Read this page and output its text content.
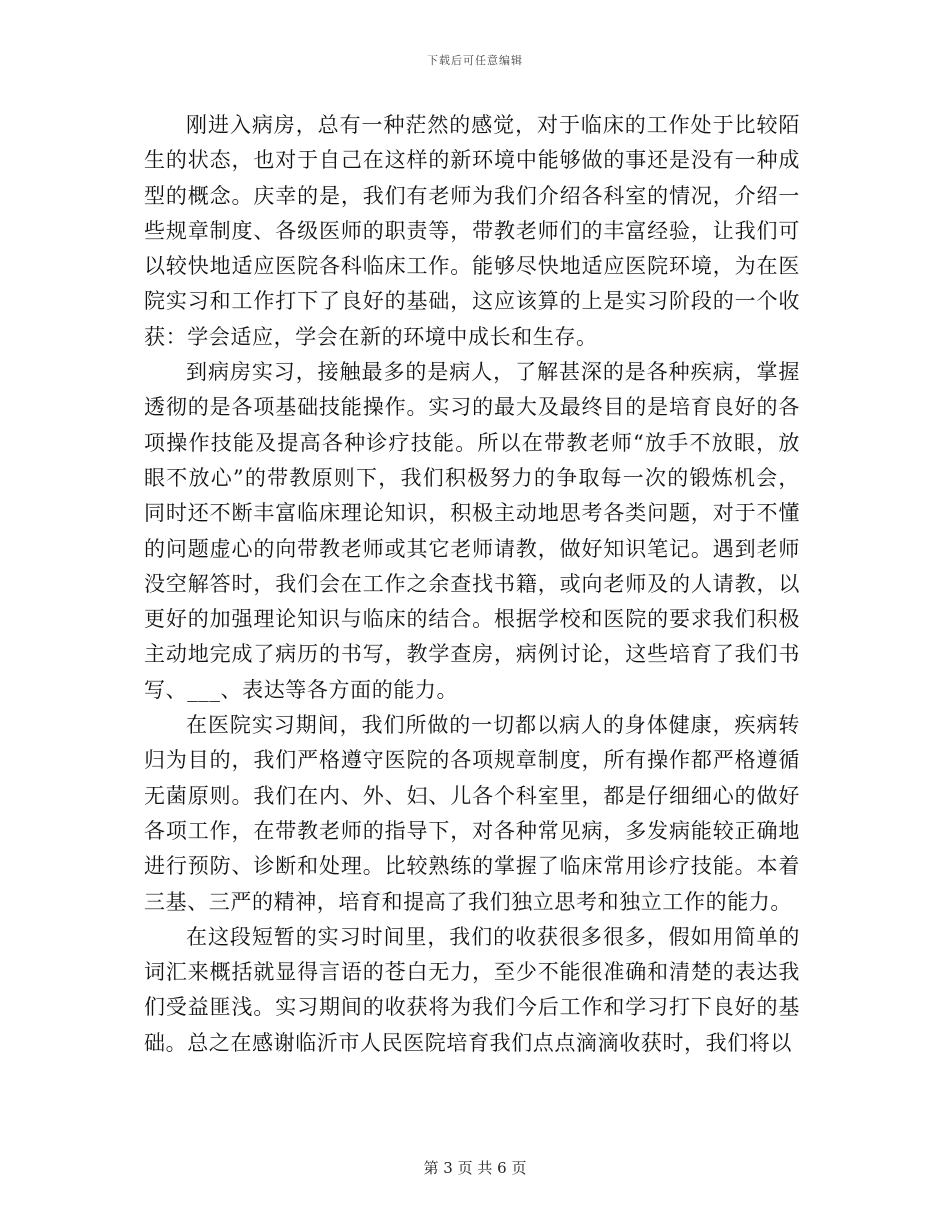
下载后可任意编辑

刚进入病房，总有一种茫然的感觉，对于临床的工作处于比较陌生的状态，也对于自己在这样的新环境中能够做的事还是没有一种成型的概念。庆幸的是，我们有老师为我们介绍各科室的情况，介绍一些规章制度、各级医师的职责等，带教老师们的丰富经验，让我们可以较快地适应医院各科临床工作。能够尽快地适应医院环境，为在医院实习和工作打下了良好的基础，这应该算的上是实习阶段的一个收获：学会适应，学会在新的环境中成长和生存。

到病房实习，接触最多的是病人，了解甚深的是各种疾病，掌握透彻的是各项基础技能操作。实习的最大及最终目的是培育良好的各项操作技能及提高各种诊疗技能。所以在带教老师“放手不放眼，放眼不放心”的带教原则下，我们积极努力的争取每一次的锻炼机会，同时还不断丰富临床理论知识，积极主动地思考各类问题，对于不懂的问题虚心的向带教老师或其它老师请教，做好知识笔记。遇到老师没空解答时，我们会在工作之余查找书籍，或向老师及的人请教，以更好的加强理论知识与临床的结合。根据学校和医院的要求我们积极主动地完成了病历的书写，教学查房，病例讨论，这些培育了我们书写、___、表达等各方面的能力。

在医院实习期间，我们所做的一切都以病人的身体健康，疾病转归为目的，我们严格遵守医院的各项规章制度，所有操作都严格遵循无菌原则。我们在内、外、妇、儿各个科室里，都是仔细细心的做好各项工作，在带教老师的指导下，对各种常见病，多发病能较正确地进行预防、诊断和处理。比较熟练的掌握了临床常用诊疗技能。本着三基、三严的精神，培育和提高了我们独立思考和独立工作的能力。

在这段短暂的实习时间里，我们的收获很多很多，假如用简单的词汇来概括就显得言语的苍白无力，至少不能很准确和清楚的表达我们受益匪浅。实习期间的收获将为我们今后工作和学习打下良好的基础。总之在感谢临沂市人民医院培育我们点点滴滴收获时，我们将以

第 3 页 共 6 页
